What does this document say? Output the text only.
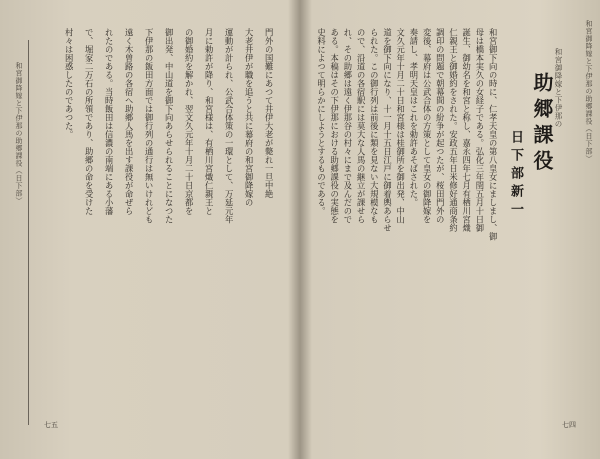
和宮御降嫁と下伊那の助郷課役（日下部）	門外の国難にあつて井伊大老が斃れ一旦中絶
大老井伊が職を追うと共に幕府の和宮御降嫁の
運動が計られ、公武合体策の一環として、万延元年
月に勅許が降り、和宮様は、有栖川宮熾仁親王と
の御婚約を解かれ、翌文久元年十月二十日京都を
御出発、中山道を御下向あらせられることになつた
下伊那の飯田方面では御行列の通行は無いけれども
遠く木曽路の各宿へ助郷人馬を出す課役が命ぜら
れたのである。当時飯田は信濃の南端にある小藩
で、堀家二万石の所領であり、助郷の命を受けた
村々は困惑したのであつた。
七五
和宮御降嫁と下伊那の助郷課役（日下部）
和宮御降嫁と下伊那の
助郷課役
日下部新一
和宮御下向の時に、仁孝天皇の第八皇女にましまし、御
母は橋本実久の女経子である。弘化三年閏五月十日御
誕生、御幼名を和宮と称し、嘉永四年七月有栖川宮熾
仁親王と御婚約をされた。安政五年日米修好通商条約
調印の問題で朝幕間の紛争が起つたが、桜田門外の
変後、幕府は公武合体の方策として皇女の御降嫁を
奏請し、孝明天皇はこれを勅許あそばされた。
文久元年十月二十日和宮様は桂御所を御出発、中山
道を御下向になり、十一月十五日江戸に御着輿あらせ
られた。この御行列は前後に類を見ない大規模なも
ので、沿道の各宿駅には莫大な人馬の継立が課せら
れ、その助郷は遠く伊那谷の村々にまで及んだので
ある。本稿はその下伊那における助郷課役の実態を
史料によつて明らかにしようとするものである。
七四
